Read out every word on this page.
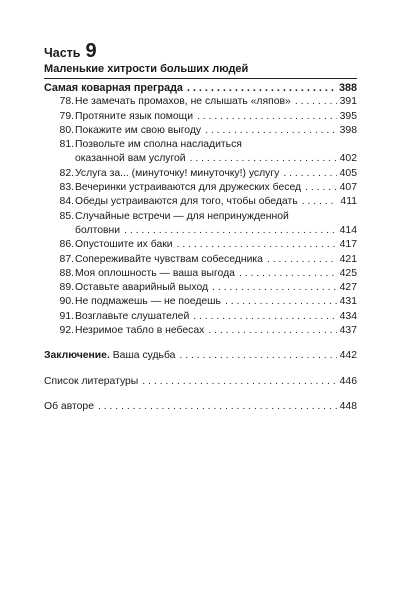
Часть 9
Маленькие хитрости больших людей
Самая коварная преграда . . .	388
78. Не замечать промахов, не слышать «ляпов» . . .	391
79. Протяните язык помощи . . .	395
80. Покажите им свою выгоду . . .	398
81. Позвольте им сполна насладиться
оказанной вам услугой . . .	402
82. Услуга за... (минуточку! минуточку!) услугу . . .	405
83. Вечеринки устраиваются для дружеских бесед . . .	407
84. Обеды устраиваются для того, чтобы обедать . . .	411
85. Случайные встречи — для непринужденной
болтовни . . .	414
86. Опустошите их баки . . .	417
87. Сопереживайте чувствам собеседника . . .	421
88. Моя оплошность — ваша выгода . . .	425
89. Оставьте аварийный выход . . .	427
90. Не подмажешь — не поедешь . . .	431
91. Возглавьте слушателей . . .	434
92. Незримое табло в небесах . . .	437
Заключение. Ваша судьба . . .	442
Список литературы . . .	446
Об авторе . . .	448
